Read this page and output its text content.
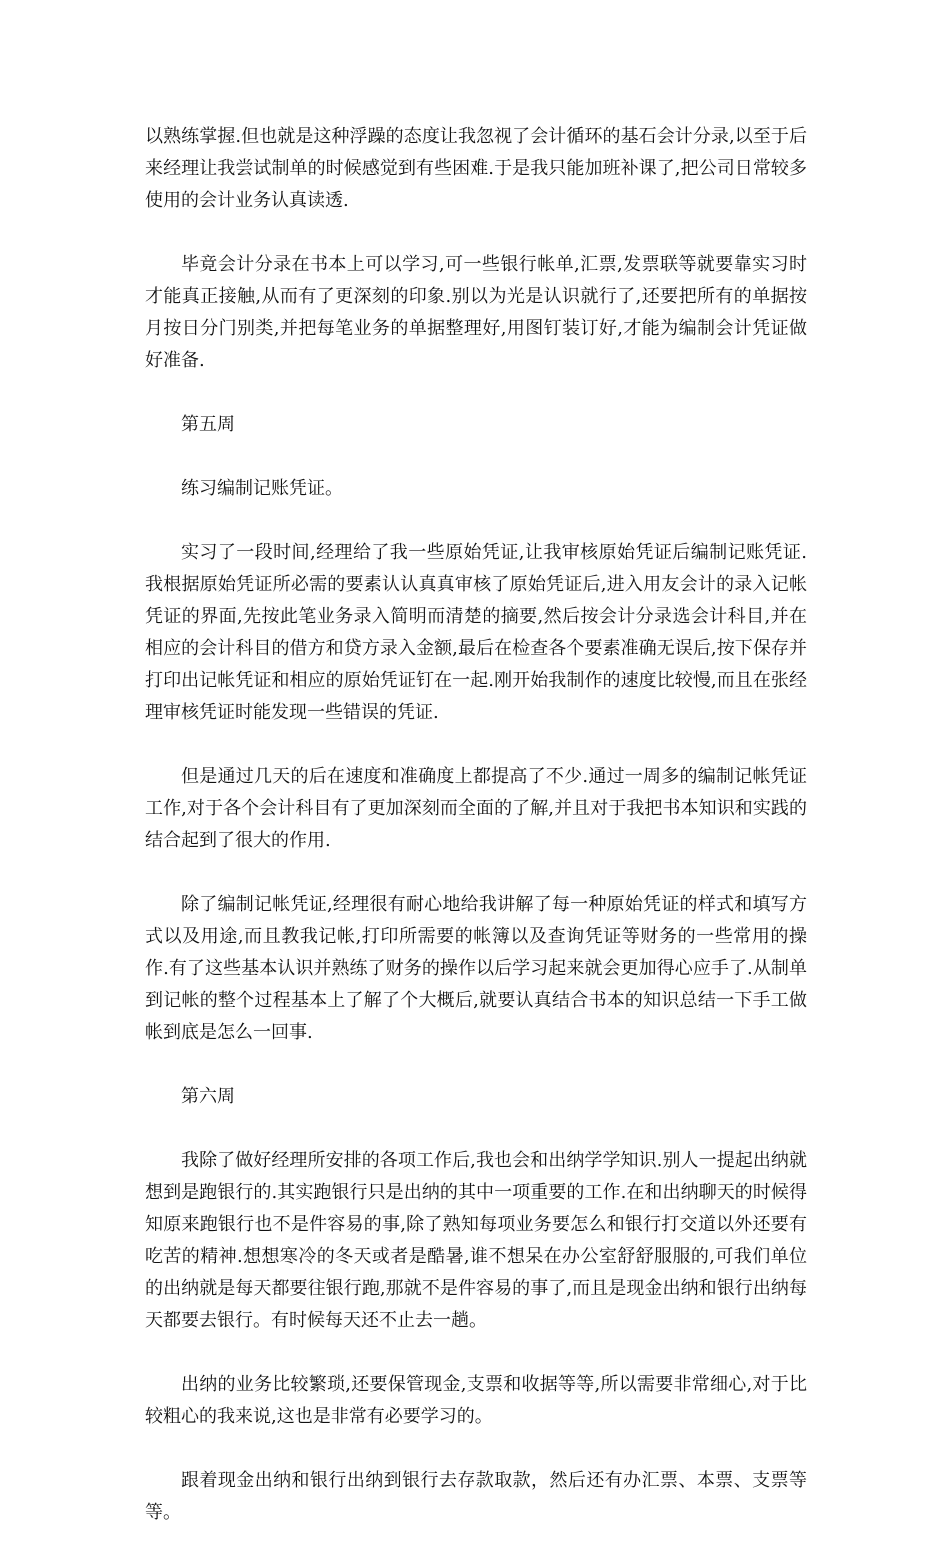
以熟练掌握.但也就是这种浮躁的态度让我忽视了会计循环的基石会计分录,以至于后来经理让我尝试制单的时候感觉到有些困难.于是我只能加班补课了,把公司日常较多使用的会计业务认真读透.

毕竟会计分录在书本上可以学习,可一些银行帐单,汇票,发票联等就要靠实习时才能真正接触,从而有了更深刻的印象.别以为光是认识就行了,还要把所有的单据按月按日分门别类,并把每笔业务的单据整理好,用图钉装订好,才能为编制会计凭证做好准备.

第五周

练习编制记账凭证。

实习了一段时间,经理给了我一些原始凭证,让我审核原始凭证后编制记账凭证.我根据原始凭证所必需的要素认认真真审核了原始凭证后,进入用友会计的录入记帐凭证的界面,先按此笔业务录入简明而清楚的摘要,然后按会计分录选会计科目,并在相应的会计科目的借方和贷方录入金额,最后在检查各个要素准确无误后,按下保存并打印出记帐凭证和相应的原始凭证钉在一起.刚开始我制作的速度比较慢,而且在张经理审核凭证时能发现一些错误的凭证.

但是通过几天的后在速度和准确度上都提高了不少.通过一周多的编制记帐凭证工作,对于各个会计科目有了更加深刻而全面的了解,并且对于我把书本知识和实践的结合起到了很大的作用.

除了编制记帐凭证,经理很有耐心地给我讲解了每一种原始凭证的样式和填写方式以及用途,而且教我记帐,打印所需要的帐簿以及查询凭证等财务的一些常用的操作.有了这些基本认识并熟练了财务的操作以后学习起来就会更加得心应手了.从制单到记帐的整个过程基本上了解了个大概后,就要认真结合书本的知识总结一下手工做帐到底是怎么一回事.

第六周

我除了做好经理所安排的各项工作后,我也会和出纳学学知识.别人一提起出纳就想到是跑银行的.其实跑银行只是出纳的其中一项重要的工作.在和出纳聊天的时候得知原来跑银行也不是件容易的事,除了熟知每项业务要怎么和银行打交道以外还要有吃苦的精神.想想寒冷的冬天或者是酷暑,谁不想呆在办公室舒舒服服的,可我们单位的出纳就是每天都要往银行跑,那就不是件容易的事了,而且是现金出纳和银行出纳每天都要去银行。有时候每天还不止去一趟。

出纳的业务比较繁琐,还要保管现金,支票和收据等等,所以需要非常细心,对于比较粗心的我来说,这也是非常有必要学习的。

跟着现金出纳和银行出纳到银行去存款取款，然后还有办汇票、本票、支票等等。
